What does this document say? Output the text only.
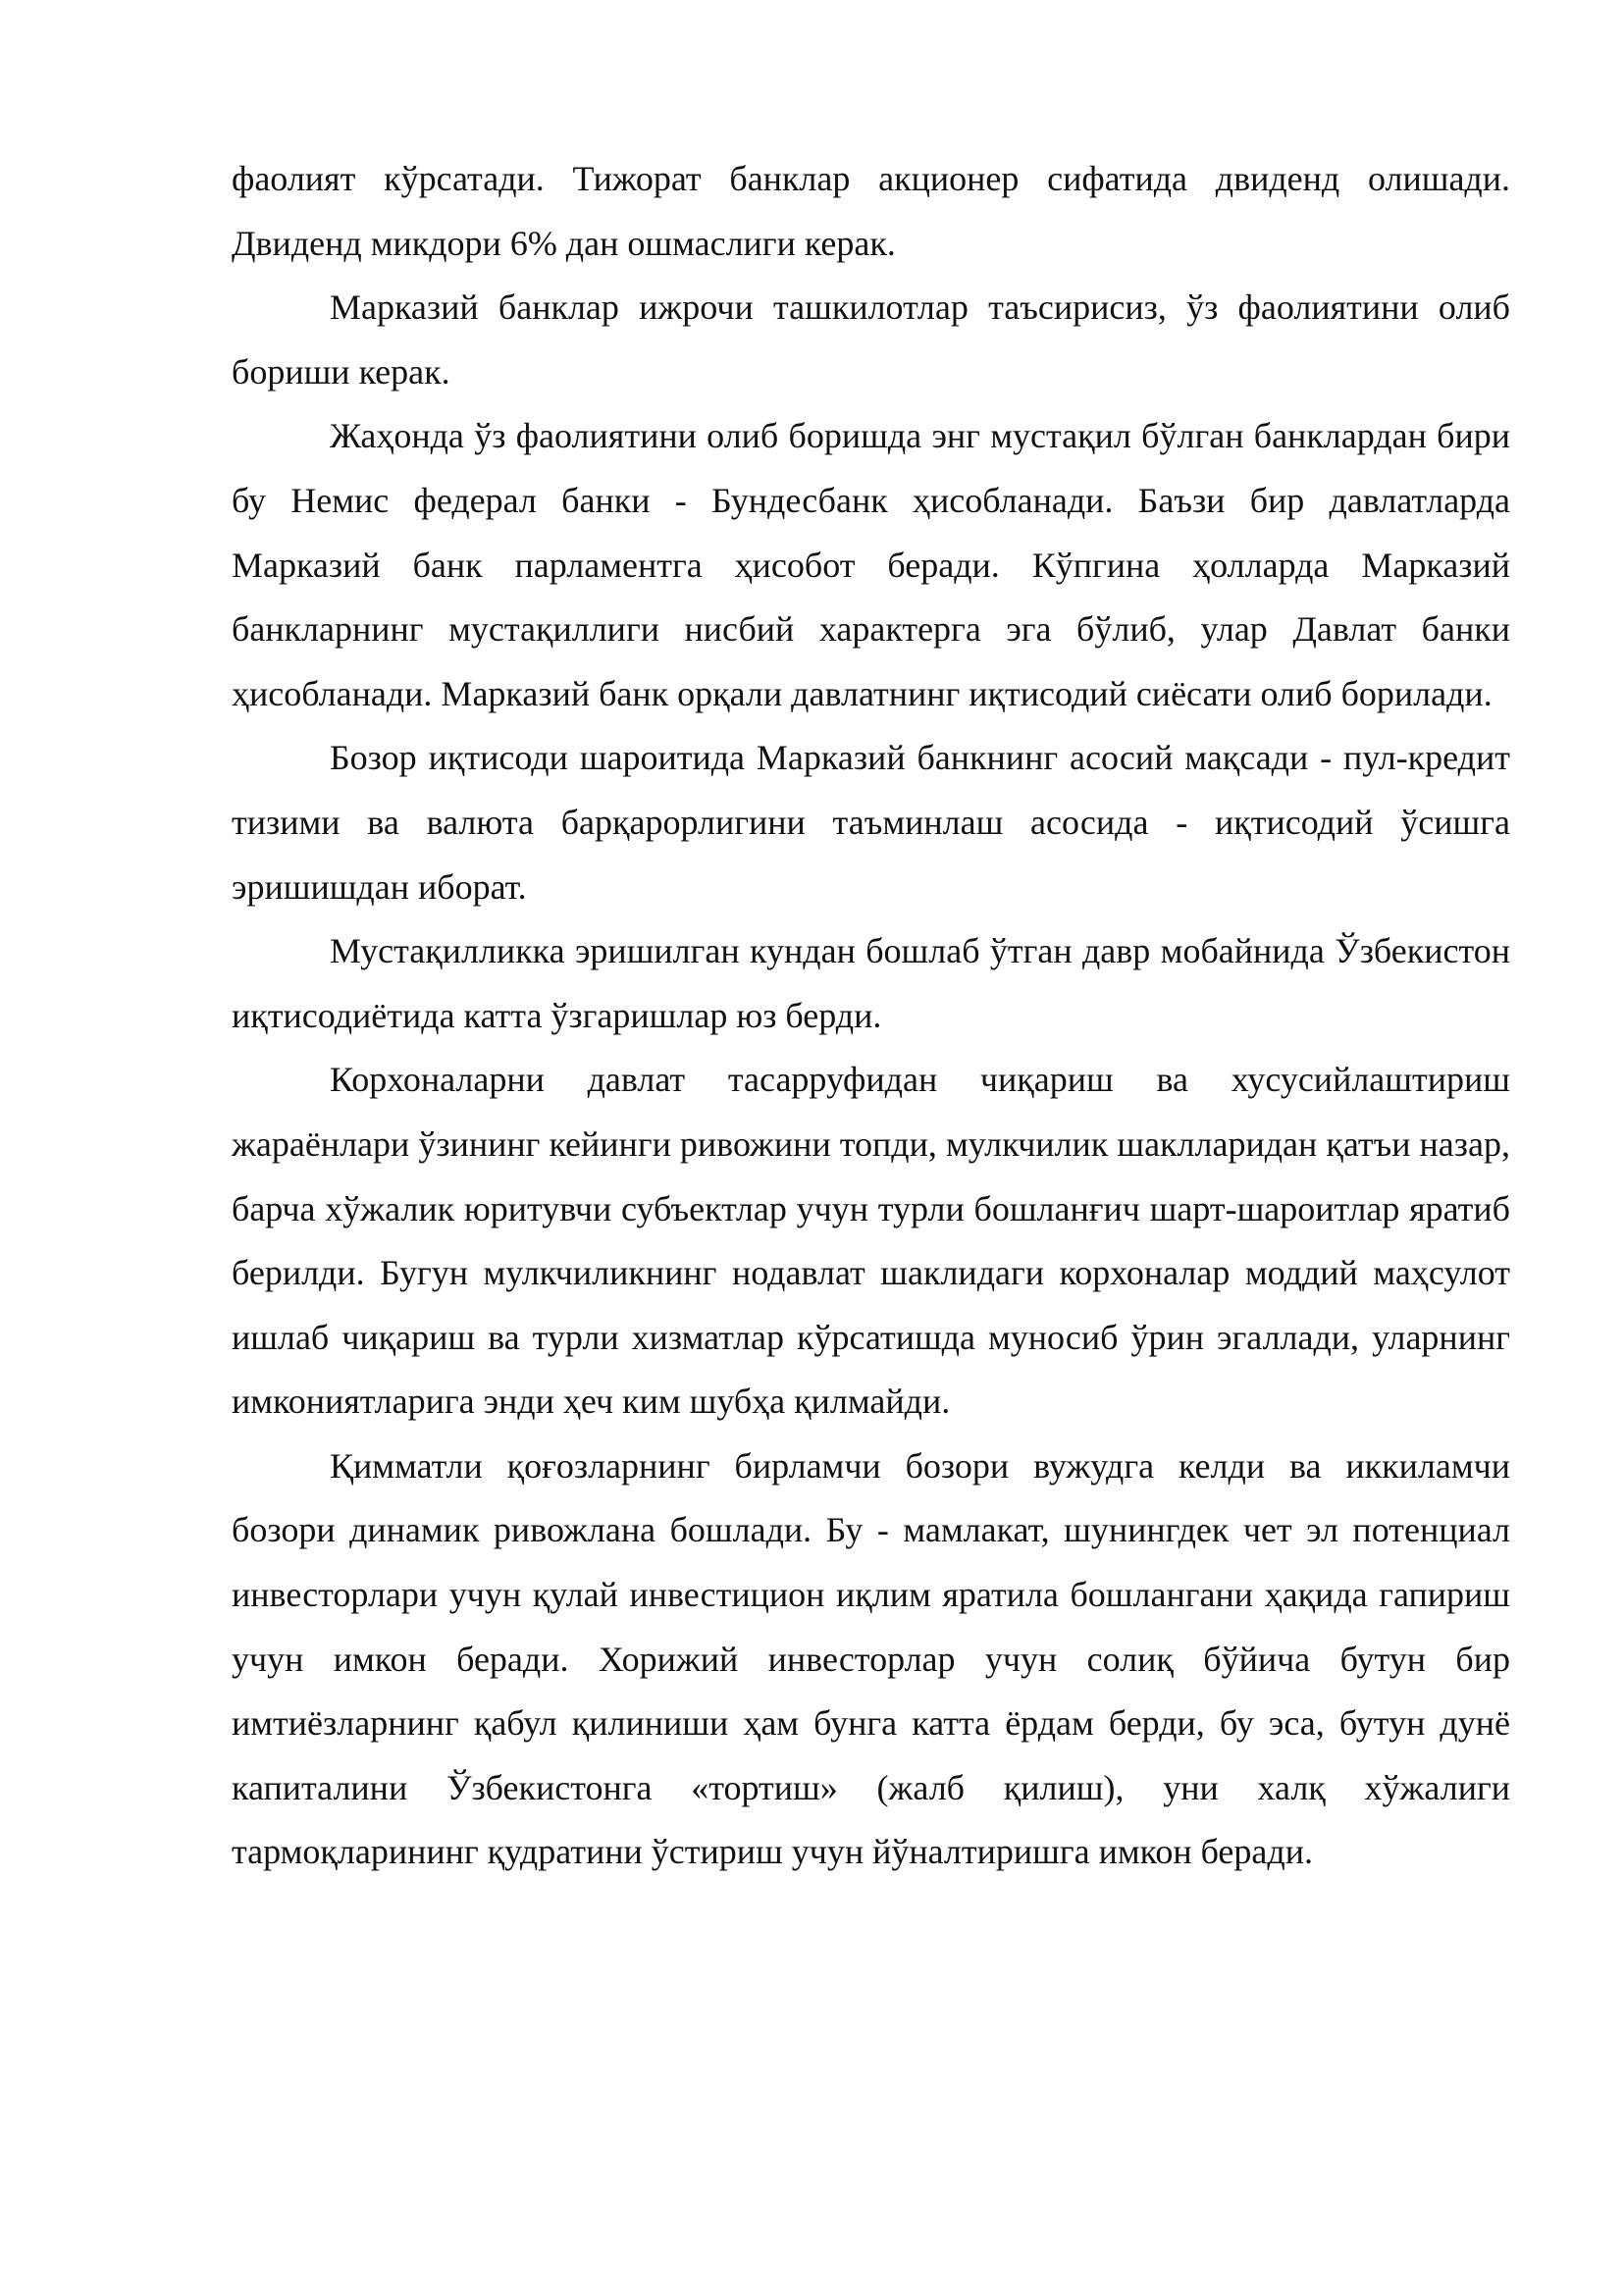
фаолият кўрсатади. Тижорат банклар акционер сифатида двиденд олишади. Двиденд микдори 6% дан ошмаслиги керак.

Марказий банклар ижрочи ташкилотлар таъсирисиз, ўз фаолиятини олиб бориши керак.

Жаҳонда ўз фаолиятини олиб боришда энг мустақил бўлган банклардан бири бу Немис федерал банки - Бундесбанк ҳисобланади. Баъзи бир давлатларда Марказий банк парламентга ҳисобот беради. Кўпгина ҳолларда Марказий банкларнинг мустақиллиги нисбий характерга эга бўлиб, улар Давлат банки ҳисобланади. Марказий банк орқали давлатнинг иқтисодий сиёсати олиб борилади.

Бозор иқтисоди шароитида Марказий банкнинг асосий мақсади - пул-кредит тизими ва валюта барқарорлигини таъминлаш асосида - иқтисодий ўсишга эришишдан иборат.

Мустақилликка эришилган кундан бошлаб ўтган давр мобайнида Ўзбекистон иқтисодиётида катта ўзгаришлар юз берди.

Корхоналарни давлат тасарруфидан чиқариш ва хусусийлаштириш жараёнлари ўзининг кейинги ривожини топди, мулкчилик шаклларидан қатъи назар, барча хўжалик юритувчи субъектлар учун турли бошланғич шарт-шароитлар яратиб берилди. Бугун мулкчиликнинг нодавлат шаклидаги корхоналар моддий маҳсулот ишлаб чиқариш ва турли хизматлар кўрсатишда муносиб ўрин эгаллади, уларнинг имкониятларига энди ҳеч ким шубҳа қилмайди.

Қимматли қоғозларнинг бирламчи бозори вужудга келди ва иккиламчи бозори динамик ривожлана бошлади. Бу - мамлакат, шунингдек чет эл потенциал инвесторлари учун қулай инвестицион иқлим яратила бошлангани ҳақида гапириш учун имкон беради. Хорижий инвесторлар учун солиқ бўйича бутун бир имтиёзларнинг қабул қилиниши ҳам бунга катта ёрдам берди, бу эса, бутун дунё капиталини Ўзбекистонга «тортиш» (жалб қилиш), уни халқ хўжалиги тармоқларининг қудратини ўстириш учун йўналтиришга имкон беради.
